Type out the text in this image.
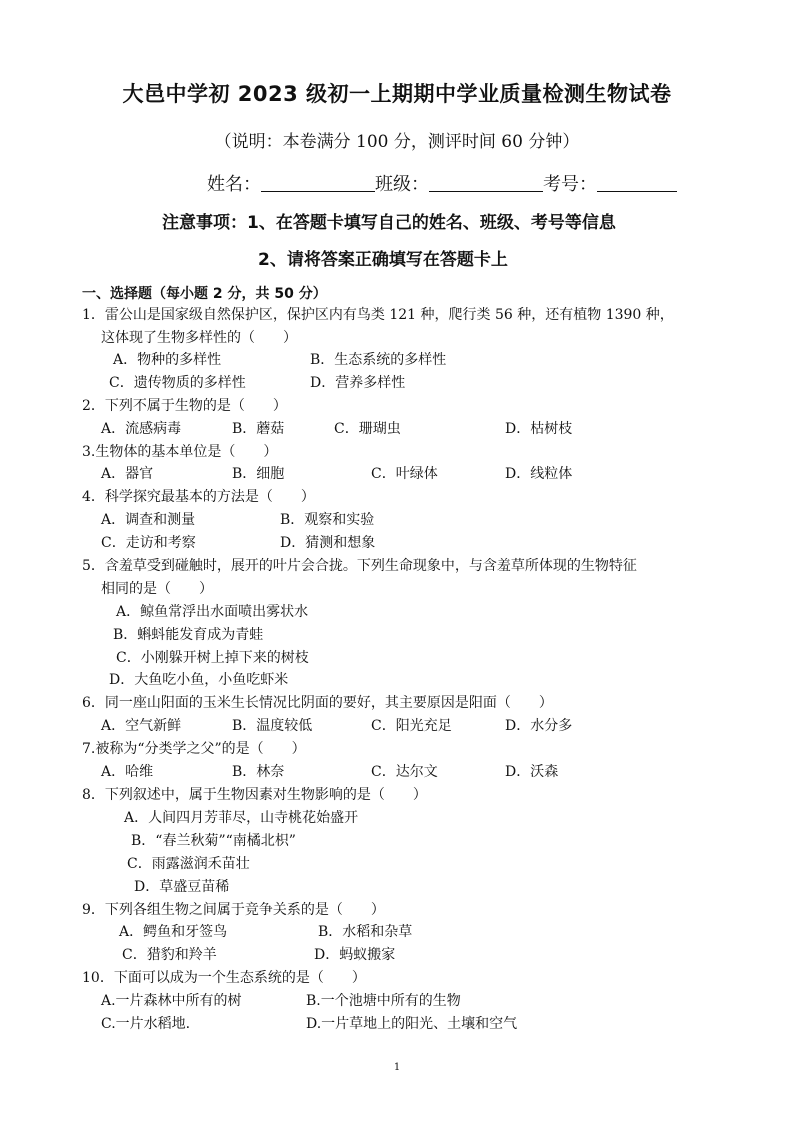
大邑中学初 2023 级初一上期期中学业质量检测生物试卷
（说明：本卷满分 100 分，测评时间 60 分钟）
姓名：	班级：	考号：
注意事项：1、在答题卡填写自己的姓名、班级、考号等信息
2、请将答案正确填写在答题卡上
一、选择题（每小题 2 分，共 50 分）
1．雷公山是国家级自然保护区，保护区内有鸟类 121 种，爬行类 56 种，还有植物 1390 种，
这体现了生物多样性的（　　）
A．物种的多样性	B．生态系统的多样性
C．遗传物质的多样性	D．营养多样性
2．下列不属于生物的是（　　）
A．流感病毒	B．蘑菇	C．珊瑚虫	D．枯树枝
3.生物体的基本单位是（　　）
A．器官	B．细胞	C．叶绿体	D．线粒体
4．科学探究最基本的方法是（　　）
A．调查和测量	B．观察和实验
C．走访和考察	D．猜测和想象
5．含羞草受到碰触时，展开的叶片会合拢。下列生命现象中，与含羞草所体现的生物特征
相同的是（　　）
A．鲸鱼常浮出水面喷出雾状水
B．蝌蚪能发育成为青蛙
C．小刚躲开树上掉下来的树枝
D．大鱼吃小鱼，小鱼吃虾米
6．同一座山阳面的玉米生长情况比阴面的要好，其主要原因是阳面（　　）
A．空气新鲜	B．温度较低	C．阳光充足	D．水分多
7.被称为“分类学之父”的是（　　）
A．哈维	B．林奈	C．达尔文	D．沃森
8．下列叙述中，属于生物因素对生物影响的是（　　）
A．人间四月芳菲尽，山寺桃花始盛开
B．“春兰秋菊”“南橘北枳”
C．雨露滋润禾苗壮
D．草盛豆苗稀
9．下列各组生物之间属于竞争关系的是（　　）
A．鳄鱼和牙签鸟	B．水稻和杂草
C．猎豹和羚羊	D．蚂蚁搬家
10．下面可以成为一个生态系统的是（　　）
A.一片森林中所有的树	B.一个池塘中所有的生物
C.一片水稻地.	D.一片草地上的阳光、土壤和空气
1
